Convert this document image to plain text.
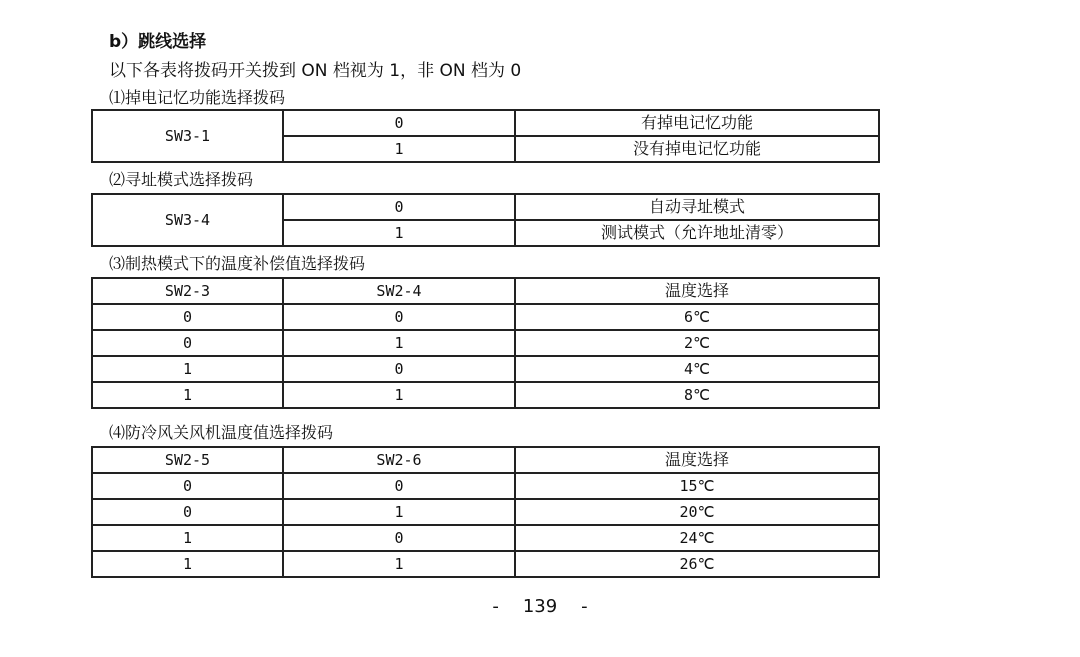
b）跳线选择
以下各表将拨码开关拨到 ON 档视为 1，非 ON 档为 0
⑴掉电记忆功能选择拨码
SW3-1	0	有掉电记忆功能
	1	没有掉电记忆功能
⑵寻址模式选择拨码
SW3-4	0	自动寻址模式
	1	测试模式（允许地址清零）
⑶制热模式下的温度补偿值选择拨码
SW2-3	SW2-4	温度选择
0	0	6℃
0	1	2℃
1	0	4℃
1	1	8℃
⑷防冷风关风机温度值选择拨码
SW2-5	SW2-6	温度选择
0	0	15℃
0	1	20℃
1	0	24℃
1	1	26℃
- 139 -
